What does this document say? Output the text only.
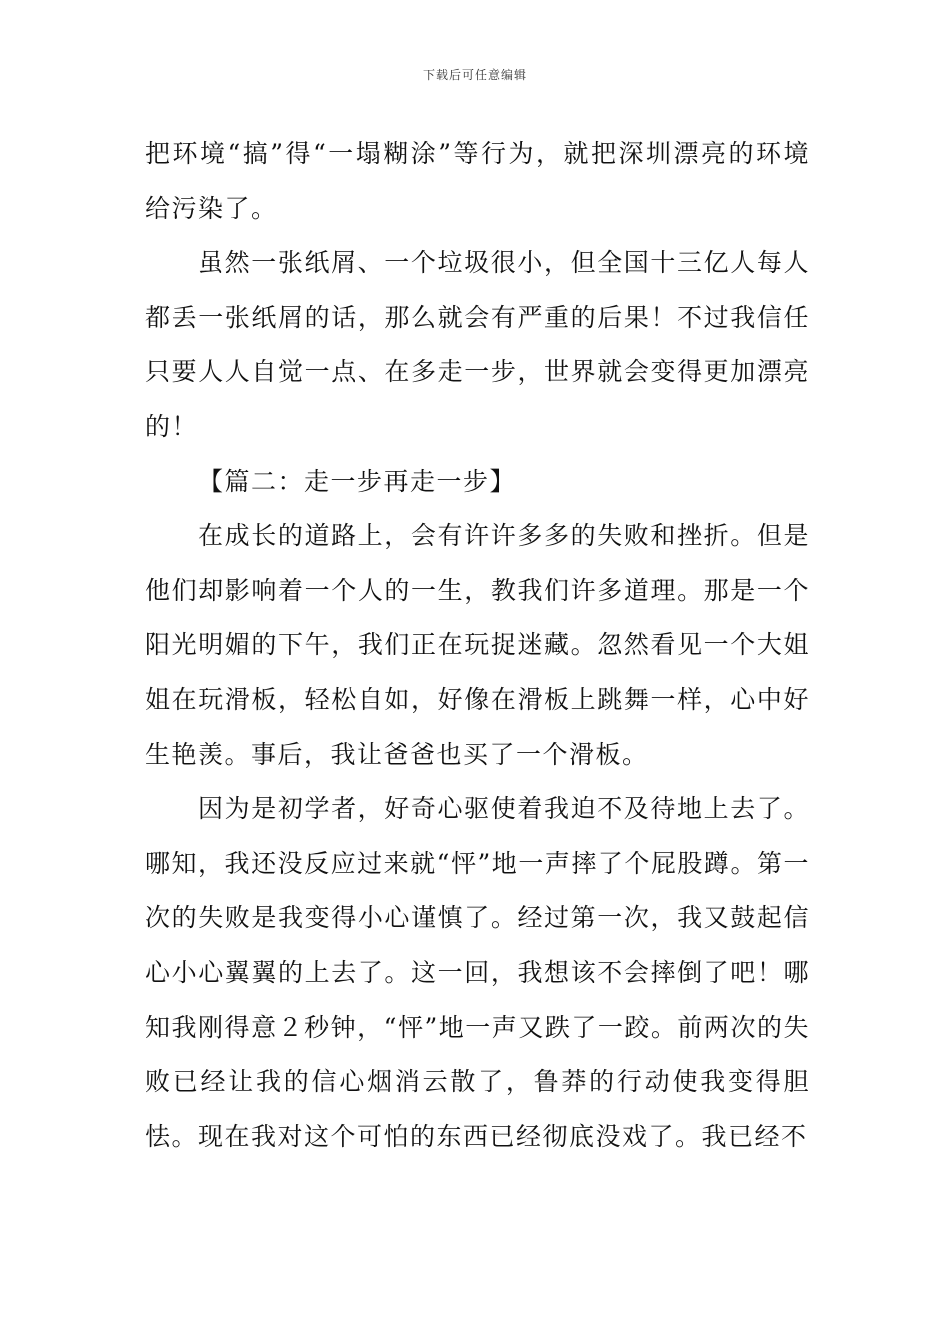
下载后可任意编辑

把环境“搞”得“一塌糊涂”等行为，就把深圳漂亮的环境给污染了。

虽然一张纸屑、一个垃圾很小，但全国十三亿人每人都丢一张纸屑的话，那么就会有严重的后果！不过我信任只要人人自觉一点、在多走一步，世界就会变得更加漂亮的！

【篇二：走一步再走一步】

在成长的道路上，会有许许多多的失败和挫折。但是他们却影响着一个人的一生，教我们许多道理。那是一个阳光明媚的下午，我们正在玩捉迷藏。忽然看见一个大姐姐在玩滑板，轻松自如，好像在滑板上跳舞一样，心中好生艳羡。事后，我让爸爸也买了一个滑板。

因为是初学者，好奇心驱使着我迫不及待地上去了。哪知，我还没反应过来就“怦”地一声摔了个屁股蹲。第一次的失败是我变得小心谨慎了。经过第一次，我又鼓起信心小心翼翼的上去了。这一回，我想该不会摔倒了吧！哪知我刚得意２秒钟，“怦”地一声又跌了一跤。前两次的失败已经让我的信心烟消云散了，鲁莽的行动使我变得胆怯。现在我对这个可怕的东西已经彻底没戏了。我已经不
